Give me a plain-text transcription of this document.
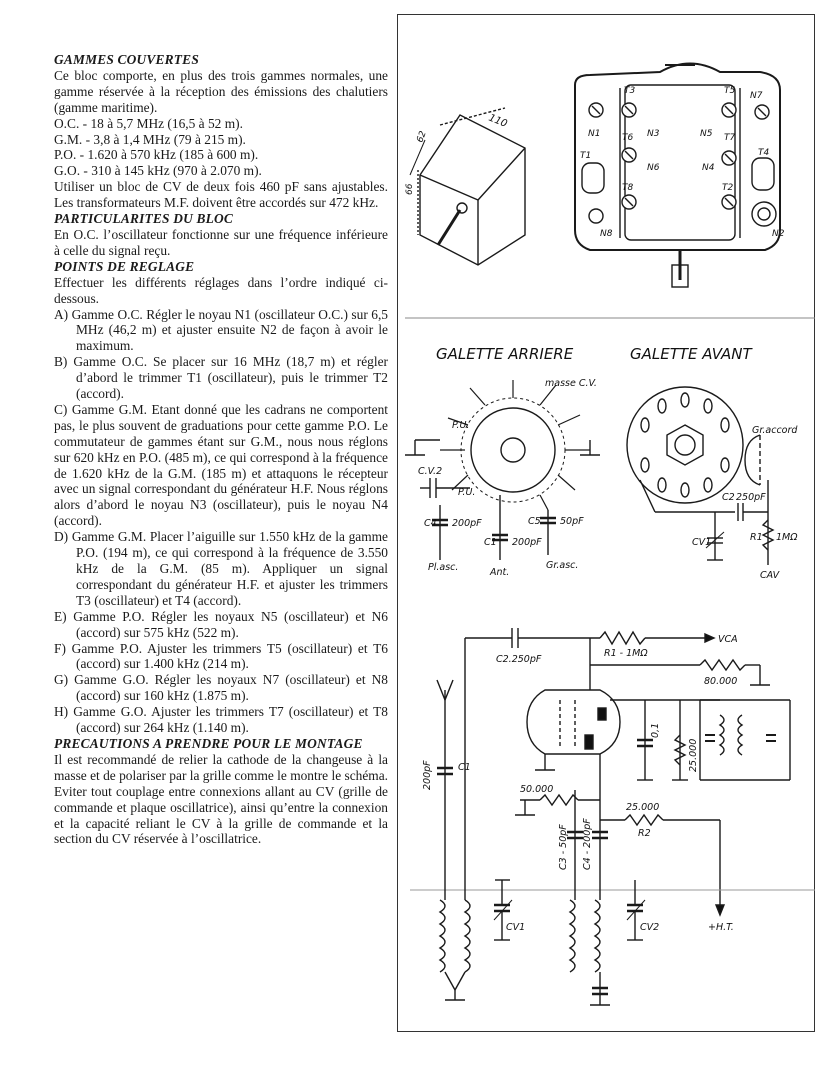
GAMMES COUVERTES

Ce bloc comporte, en plus des trois gammes normales, une gamme réservée à la réception des émissions des chalutiers (gamme maritime).

O.C. - 18 à 5,7 MHz (16,5 à 52 m).

G.M. - 3,8 à 1,4 MHz (79 à 215 m).

P.O. - 1.620 à 570 kHz (185 à 600 m).

G.O. - 310 à 145 kHz (970 à 2.070 m).

Utiliser un bloc de CV de deux fois 460 pF sans ajustables. Les transformateurs M.F. doivent être accordés sur 472 kHz.

PARTICULARITES DU BLOC

En O.C. l’oscillateur fonctionne sur une fréquence inférieure à celle du signal reçu.

POINTS DE REGLAGE

Effectuer les différents réglages dans l’ordre indiqué ci-dessous.

A) Gamme O.C. Régler le noyau N1 (oscillateur O.C.) sur 6,5 MHz (46,2 m) et ajuster ensuite N2 de façon à avoir le maximum.

B) Gamme O.C. Se placer sur 16 MHz (18,7 m) et régler d’abord le trimmer T1 (oscillateur), puis le trimmer T2 (accord).

C) Gamme G.M. Etant donné que les cadrans ne comportent pas, le plus souvent de graduations pour cette gamme P.O. Le commutateur de gammes étant sur G.M., nous nous réglons sur 620 kHz en P.O. (485 m), ce qui correspond à la fréquence de 1.620 kHz de la G.M. (185 m) et attaquons le récepteur avec un signal correspondant du générateur H.F. Nous réglons alors d’abord le noyau N3 (oscillateur), puis le noyau N4 (accord).

D) Gamme G.M. Placer l’aiguille sur 1.550 kHz de la gamme P.O. (194 m), ce qui correspond à la fréquence de 3.550 kHz de la G.M. (85 m). Appliquer un signal correspondant du générateur H.F. et ajuster les trimmers T3 (oscillateur) et T4 (accord).

E) Gamme P.O. Régler les noyaux N5 (oscillateur) et N6 (accord) sur 575 kHz (522 m).

F) Gamme P.O. Ajuster les trimmers T5 (oscillateur) et T6 (accord) sur 1.400 kHz (214 m).

G) Gamme G.O. Régler les noyaux N7 (oscillateur) et N8 (accord) sur 160 kHz (1.875 m).

H) Gamme G.O. Ajuster les trimmers T7 (oscillateur) et T8 (accord) sur 264 kHz (1.140 m).

PRECAUTIONS A PRENDRE POUR LE MONTAGE

Il est recommandé de relier la cathode de la changeuse à la masse et de polariser par la grille comme le montre le schéma. Eviter tout couplage entre connexions allant au CV (grille de commande et plaque oscillatrice), ainsi qu’entre la connexion et la capacité reliant le CV à la grille de commande et la section du CV réservée à l’oscillatrice.

110
62
66
T3	T5 N7
N1 T6 N3	N5 T7
T1	T4
N6	N4
T8	T2
N8	N2
GALETTE ARRIERE
masse C.V.
P.U.
C.V.2
P.U.
C4 200pF	C5 50pF
C1 200pF
Pl.asc.	Ant.
Gr.asc.
GALETTE AVANT
Gr.accord
C2 250pF
CV1	R1 1MΩ
CAV
C2.250pF
R1 - 1MΩ
VCA
80.000
200pF	C1
50.000
C3 - 50pF C4 - 200pF
25.000
R2
0,1
25.000
CV1	CV2	+H.T.
